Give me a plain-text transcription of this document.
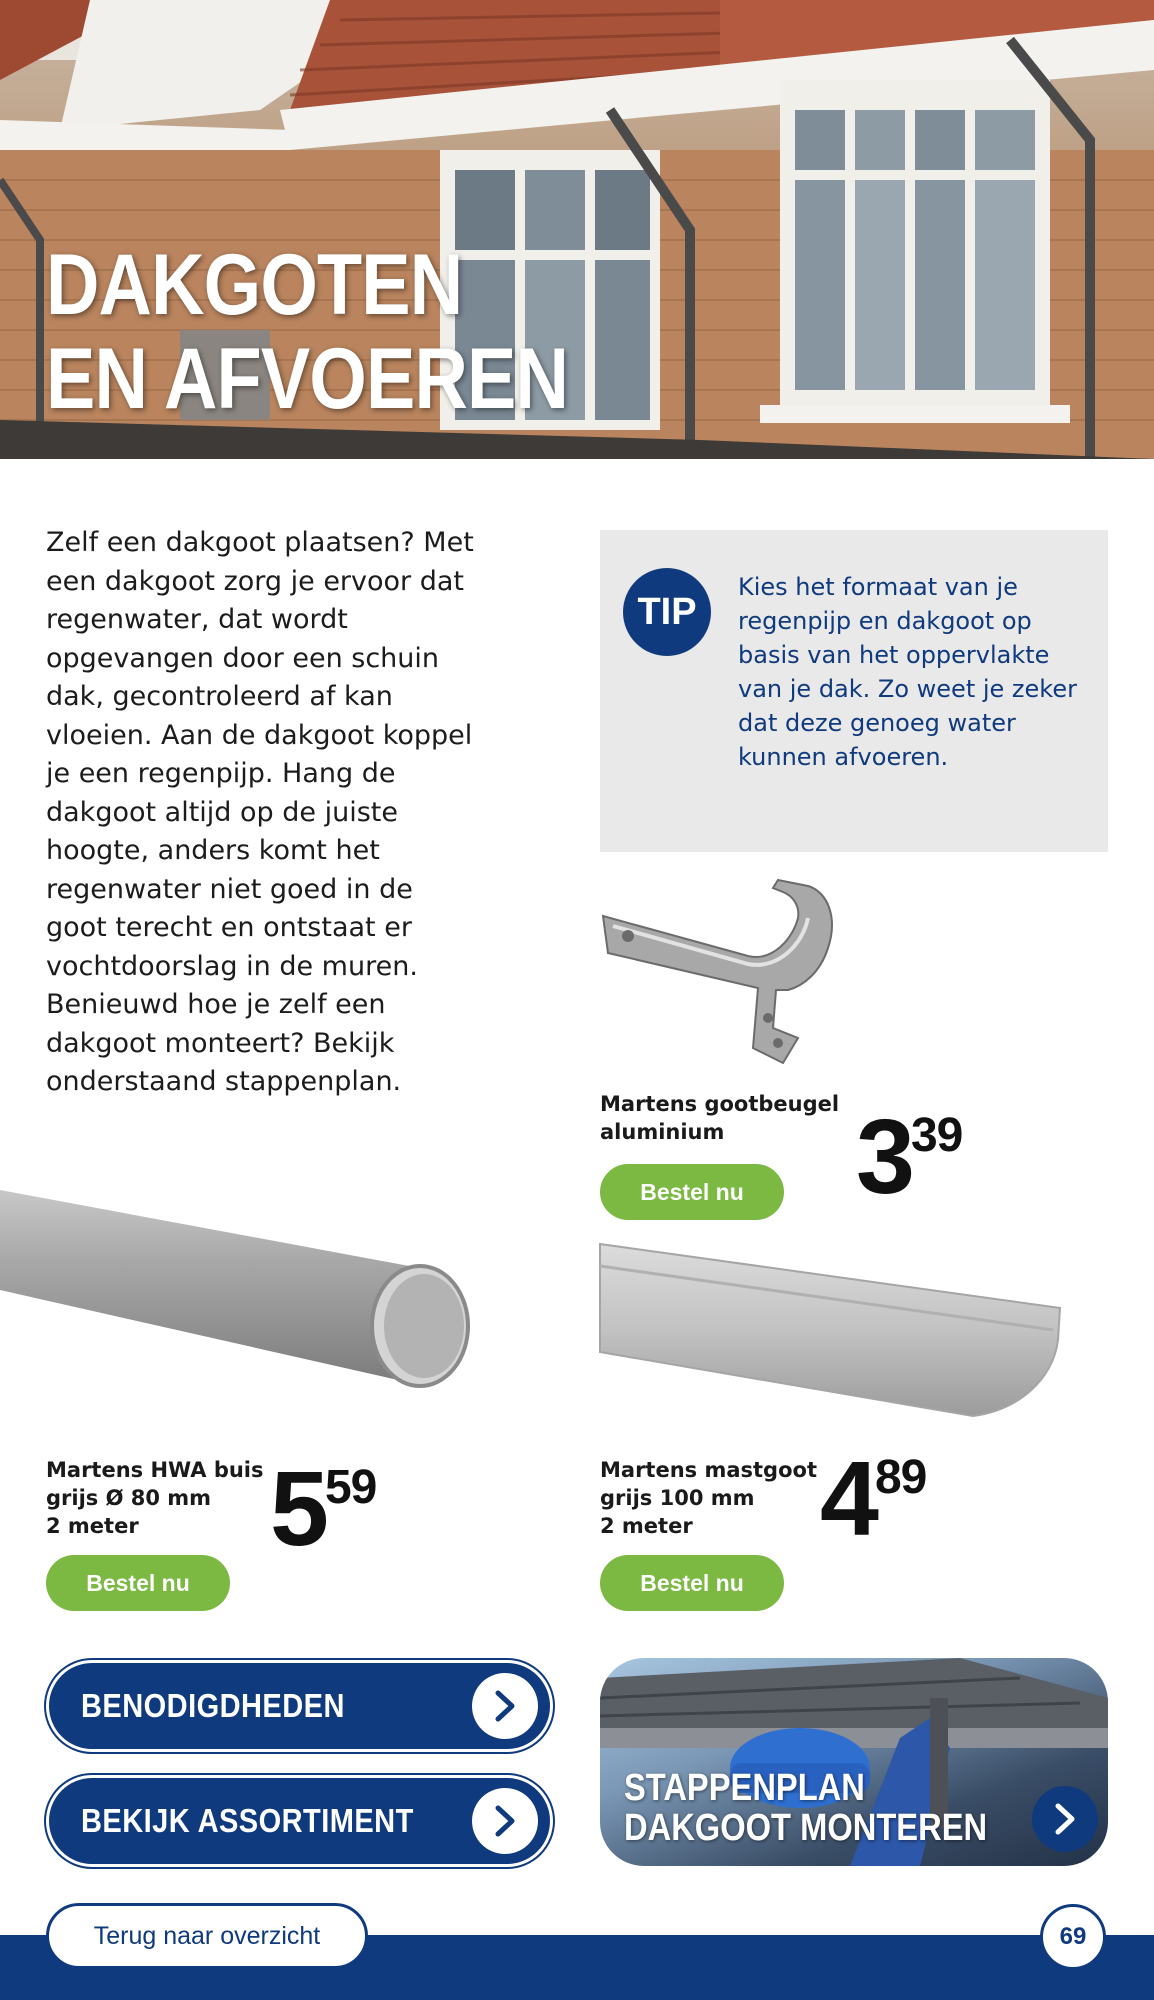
DAKGOTEN
EN AFVOEREN

Zelf een dakgoot plaatsen? Met een dakgoot zorg je ervoor dat regenwater, dat wordt opgevangen door een schuin dak, gecontroleerd af kan vloeien. Aan de dakgoot koppel je een regenpijp. Hang de dakgoot altijd op de juiste hoogte, anders komt het regenwater niet goed in de goot terecht en ontstaat er vochtdoorslag in de muren. Benieuwd hoe je zelf een dakgoot monteert? Bekijk onderstaand stappenplan.

TIP

Kies het formaat van je regenpijp en dakgoot op basis van het oppervlakte van je dak. Zo weet je zeker dat deze genoeg water kunnen afvoeren.

Martens gootbeugel
aluminium	339
Bestel nu
Martens HWA buis
grijs Ø 80 mm
2 meter	559
Bestel nu
Martens mastgoot
grijs 100 mm
2 meter	489
Bestel nu
BENODIGDHEDEN
BEKIJK ASSORTIMENT
STAPPENPLAN
DAKGOOT MONTEREN
Terug naar overzicht	69
